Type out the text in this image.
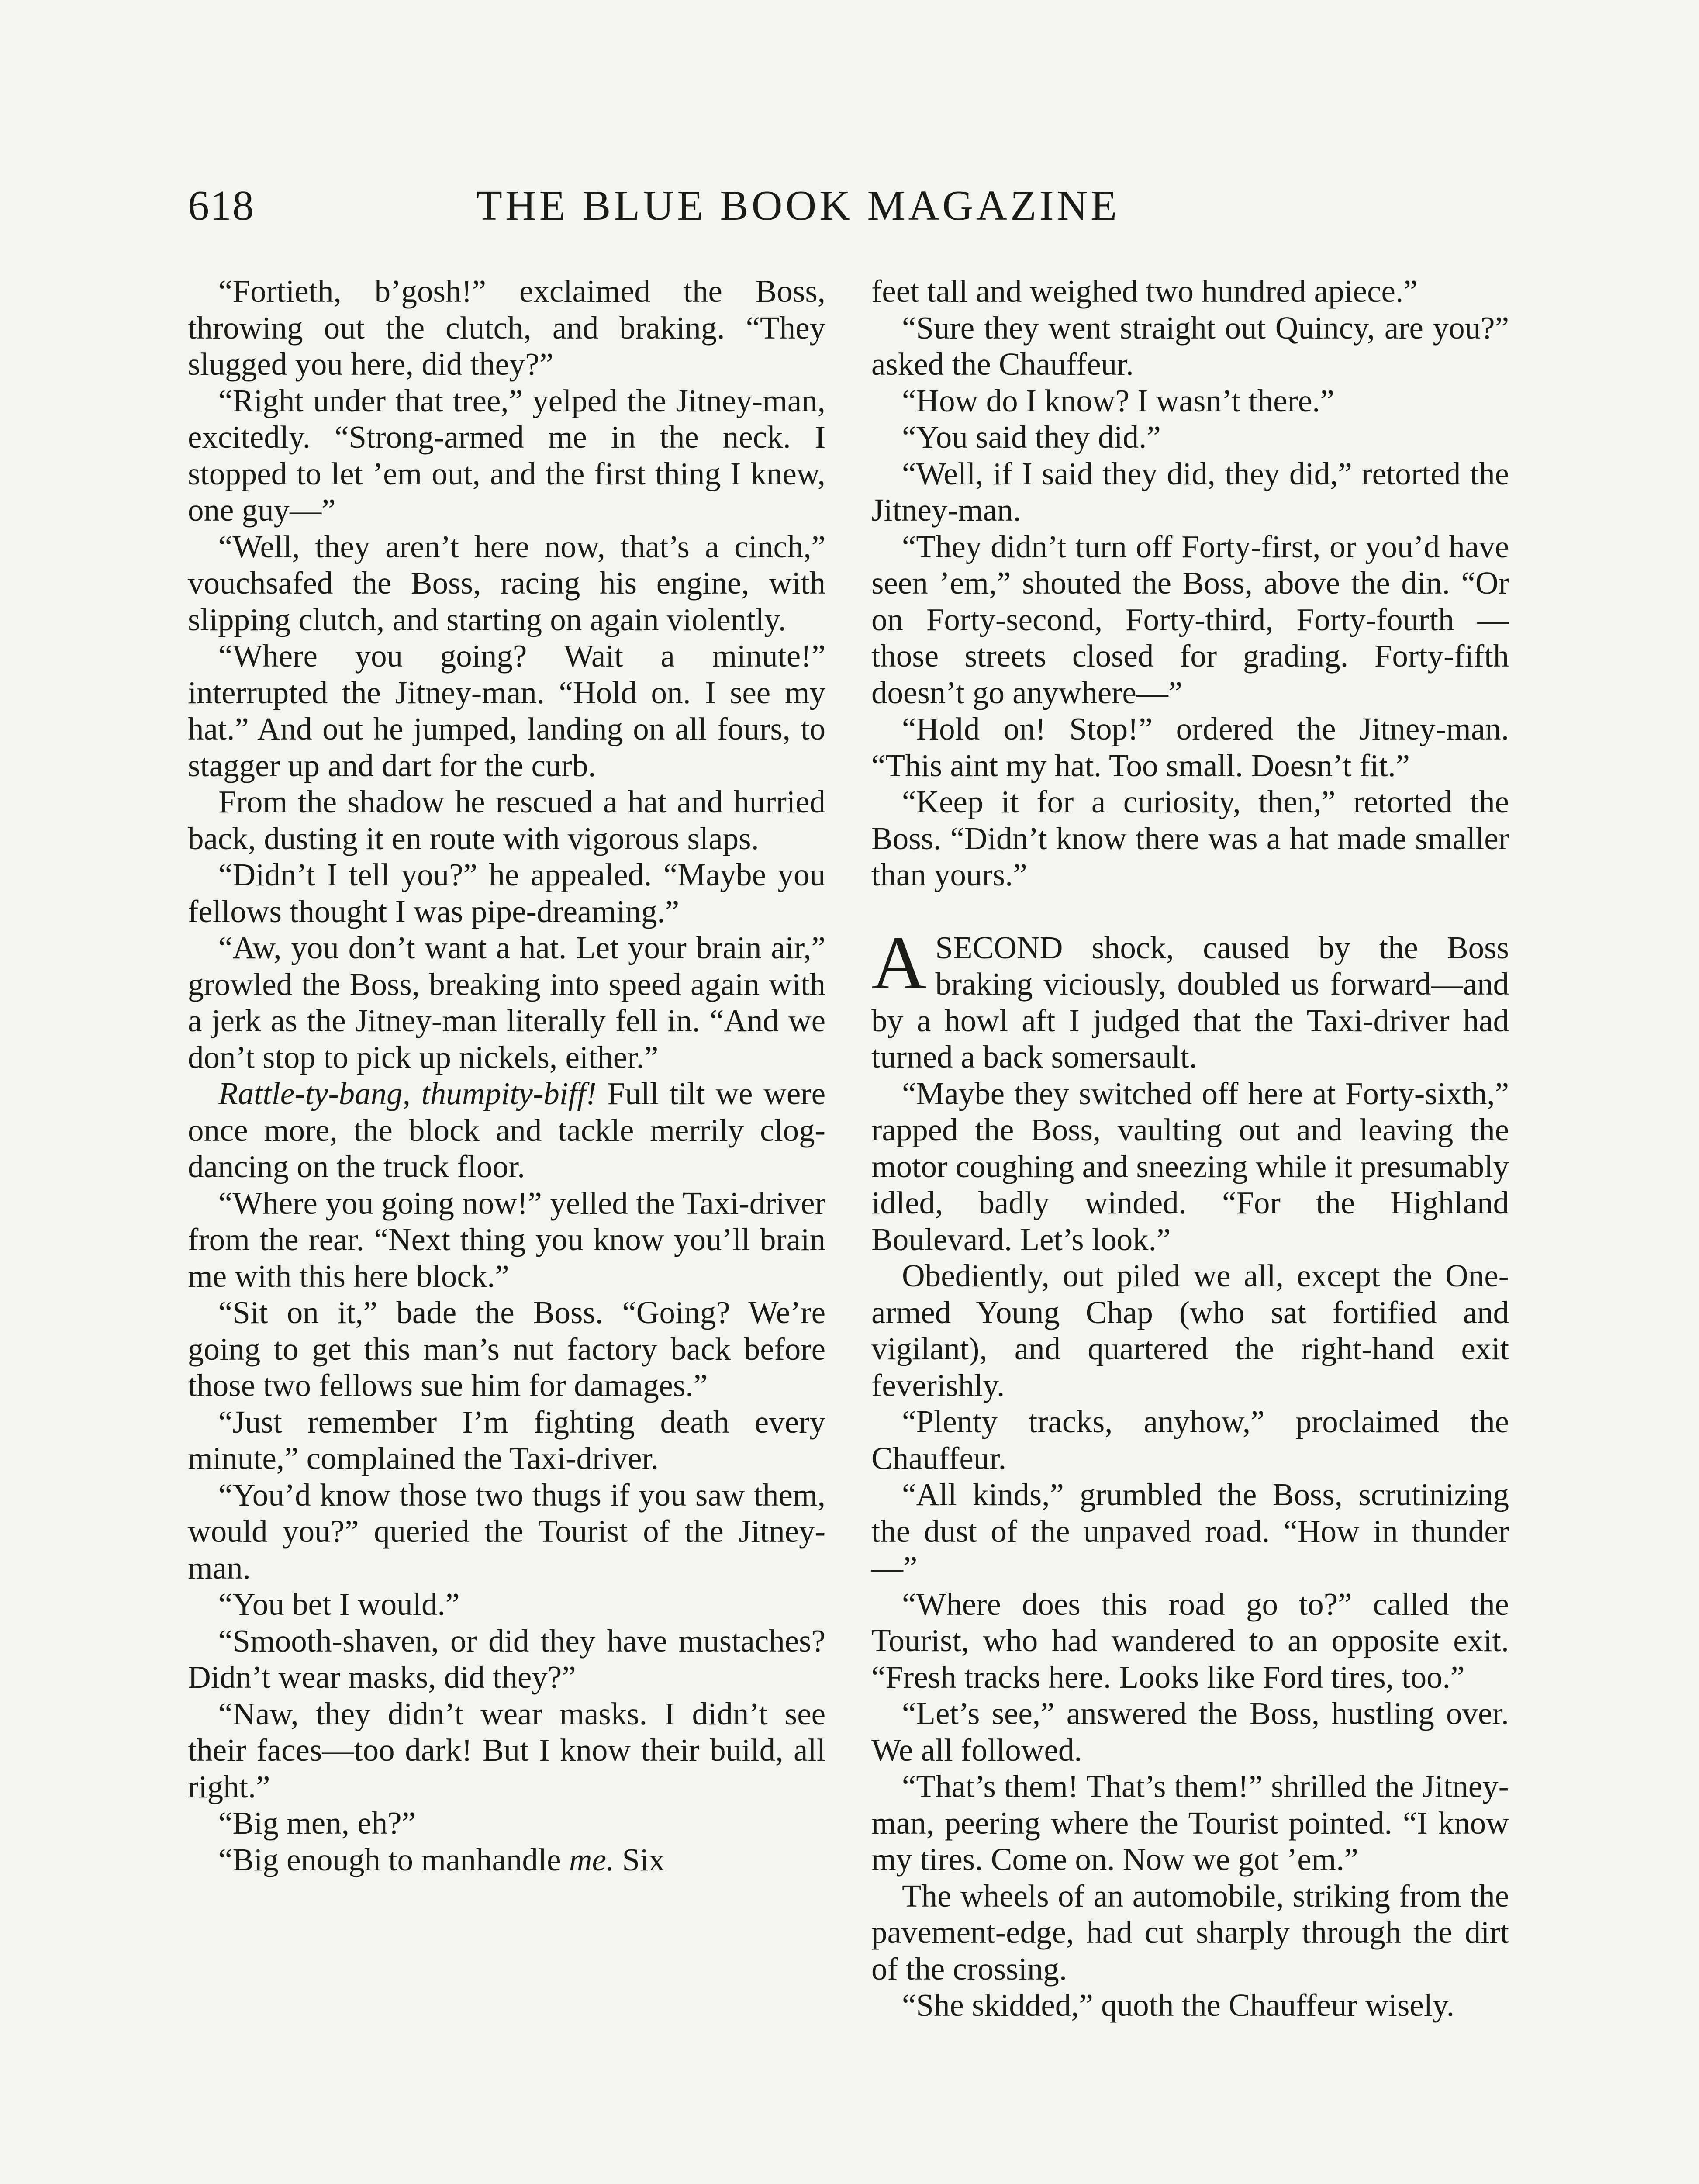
618	THE BLUE BOOK MAGAZINE

“Fortieth, b’gosh!” exclaimed the Boss, throwing out the clutch, and braking. “They slugged you here, did they?”

“Right under that tree,” yelped the Jitney-man, excitedly. “Strong-armed me in the neck. I stopped to let ’em out, and the first thing I knew, one guy—”

“Well, they aren’t here now, that’s a cinch,” vouchsafed the Boss, racing his engine, with slipping clutch, and starting on again violently.

“Where you going? Wait a minute!” interrupted the Jitney-man. “Hold on. I see my hat.” And out he jumped, landing on all fours, to stagger up and dart for the curb.

From the shadow he rescued a hat and hurried back, dusting it en route with vigorous slaps.

“Didn’t I tell you?” he appealed. “Maybe you fellows thought I was pipe-dreaming.”

“Aw, you don’t want a hat. Let your brain air,” growled the Boss, breaking into speed again with a jerk as the Jitney-man literally fell in. “And we don’t stop to pick up nickels, either.”

Rattle-ty-bang, thumpity-biff! Full tilt we were once more, the block and tackle merrily clog-dancing on the truck floor.

“Where you going now!” yelled the Taxi-driver from the rear. “Next thing you know you’ll brain me with this here block.”

“Sit on it,” bade the Boss. “Going? We’re going to get this man’s nut factory back before those two fellows sue him for damages.”

“Just remember I’m fighting death every minute,” complained the Taxi-driver.

“You’d know those two thugs if you saw them, would you?” queried the Tourist of the Jitney-man.

“You bet I would.”

“Smooth-shaven, or did they have mustaches? Didn’t wear masks, did they?”

“Naw, they didn’t wear masks. I didn’t see their faces—too dark! But I know their build, all right.”

“Big men, eh?”

“Big enough to manhandle me. Six

feet tall and weighed two hundred apiece.”

“Sure they went straight out Quincy, are you?” asked the Chauffeur.

“How do I know? I wasn’t there.”

“You said they did.”

“Well, if I said they did, they did,” retorted the Jitney-man.

“They didn’t turn off Forty-first, or you’d have seen ’em,” shouted the Boss, above the din. “Or on Forty-second, Forty-third, Forty-fourth — those streets closed for grading. Forty-fifth doesn’t go anywhere—”

“Hold on! Stop!” ordered the Jitney-man. “This aint my hat. Too small. Doesn’t fit.”

“Keep it for a curiosity, then,” retorted the Boss. “Didn’t know there was a hat made smaller than yours.”

ASECOND shock, caused by the Boss braking viciously, doubled us forward—and by a howl aft I judged that the Taxi-driver had turned a back somersault.

“Maybe they switched off here at Forty-sixth,” rapped the Boss, vaulting out and leaving the motor coughing and sneezing while it presumably idled, badly winded. “For the Highland Boulevard. Let’s look.”

Obediently, out piled we all, except the One-armed Young Chap (who sat fortified and vigilant), and quartered the right-hand exit feverishly.

“Plenty tracks, anyhow,” proclaimed the Chauffeur.

“All kinds,” grumbled the Boss, scrutinizing the dust of the unpaved road. “How in thunder—”

“Where does this road go to?” called the Tourist, who had wandered to an opposite exit. “Fresh tracks here. Looks like Ford tires, too.”

“Let’s see,” answered the Boss, hustling over. We all followed.

“That’s them! That’s them!” shrilled the Jitney-man, peering where the Tourist pointed. “I know my tires. Come on. Now we got ’em.”

The wheels of an automobile, striking from the pavement-edge, had cut sharply through the dirt of the crossing.

“She skidded,” quoth the Chauffeur wisely.
